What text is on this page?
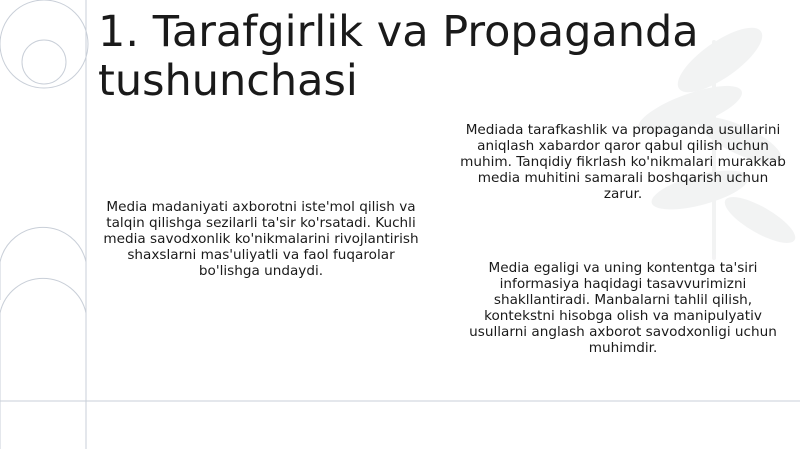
1. Tarafgirlik va Propaganda tushunchasi

Media madaniyati axborotni iste'mol qilish va talqin qilishga sezilarli ta'sir ko'rsatadi. Kuchli media savodxonlik ko'nikmalarini rivojlantirish shaxslarni mas'uliyatli va faol fuqarolar bo'lishga undaydi.

Mediada tarafkashlik va propaganda usullarini aniqlash xabardor qaror qabul qilish uchun muhim. Tanqidiy fikrlash ko'nikmalari murakkab media muhitini samarali boshqarish uchun zarur.

Media egaligi va uning kontentga ta'siri informasiya haqidagi tasavvurimizni shakllantiradi. Manbalarni tahlil qilish, kontekstni hisobga olish va manipulyativ usullarni anglash axborot savodxonligi uchun muhimdir.
